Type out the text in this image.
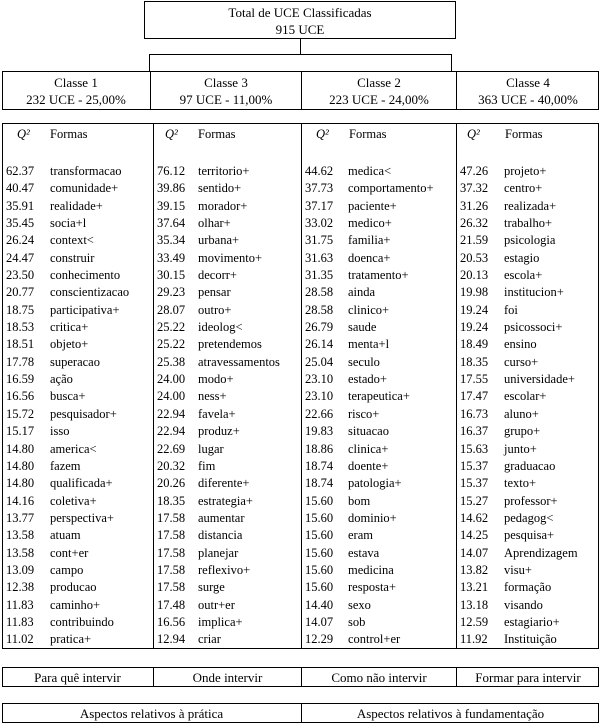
Total de UCE Classificadas
915 UCE
Classe 1
232 UCE - 25,00%
Classe 3
97 UCE - 11,00%
Classe 2
223 UCE - 24,00%
Classe 4
363 UCE - 40,00%
Q² Formas
62.37 transformacao
40.47 comunidade+
35.91 realidade+
35.45 socia+l
26.24 context<
24.47 construir
23.50 conhecimento
20.77 conscientizacao
18.75 participativa+
18.53 critica+
18.51 objeto+
17.78 superacao
16.59 ação
16.56 busca+
15.72 pesquisador+
15.17 isso
14.80 america<
14.80 fazem
14.80 qualificada+
14.16 coletiva+
13.77 perspectiva+
13.58 atuam
13.58 cont+er
13.09 campo
12.38 producao
11.83 caminho+
11.83 contribuindo
11.02 pratica+
Q² Formas
76.12 territorio+
39.86 sentido+
39.15 morador+
37.64 olhar+
35.34 urbana+
33.49 movimento+
30.15 decorr+
29.23 pensar
28.07 outro+
25.22 ideolog<
25.22 pretendemos
25.38 atravessamentos
24.00 modo+
24.00 ness+
22.94 favela+
22.94 produz+
22.69 lugar
20.32 fim
20.26 diferente+
18.35 estrategia+
17.58 aumentar
17.58 distancia
17.58 planejar
17.58 reflexivo+
17.58 surge
17.48 outr+er
16.56 implica+
12.94 criar
Q² Formas
44.62 medica<
37.73 comportamento+
37.17 paciente+
33.02 medico+
31.75 familia+
31.63 doenca+
31.35 tratamento+
28.58 ainda
28.58 clinico+
26.79 saude
26.14 menta+l
25.04 seculo
23.10 estado+
23.10 terapeutica+
22.66 risco+
19.83 situacao
18.86 clinica+
18.74 doente+
18.74 patologia+
15.60 bom
15.60 dominio+
15.60 eram
15.60 estava
15.60 medicina
15.60 resposta+
14.40 sexo
14.07 sob
12.29 control+er
Q² Formas
47.26 projeto+
37.32 centro+
31.26 realizada+
26.32 trabalho+
21.59 psicologia
20.53 estagio
20.13 escola+
19.98 institucion+
19.24 foi
19.24 psicossoci+
18.49 ensino
18.35 curso+
17.55 universidade+
17.47 escolar+
16.73 aluno+
16.37 grupo+
15.63 junto+
15.37 graduacao
15.37 texto+
15.27 professor+
14.62 pedagog<
14.25 pesquisa+
14.07 Aprendizagem
13.82 visu+
13.21 formação
13.18 visando
12.59 estagiario+
11.92 Instituição
Para quê intervir	Onde intervir	Como não intervir	Formar para intervir
Aspectos relativos à prática	Aspectos relativos à fundamentação
